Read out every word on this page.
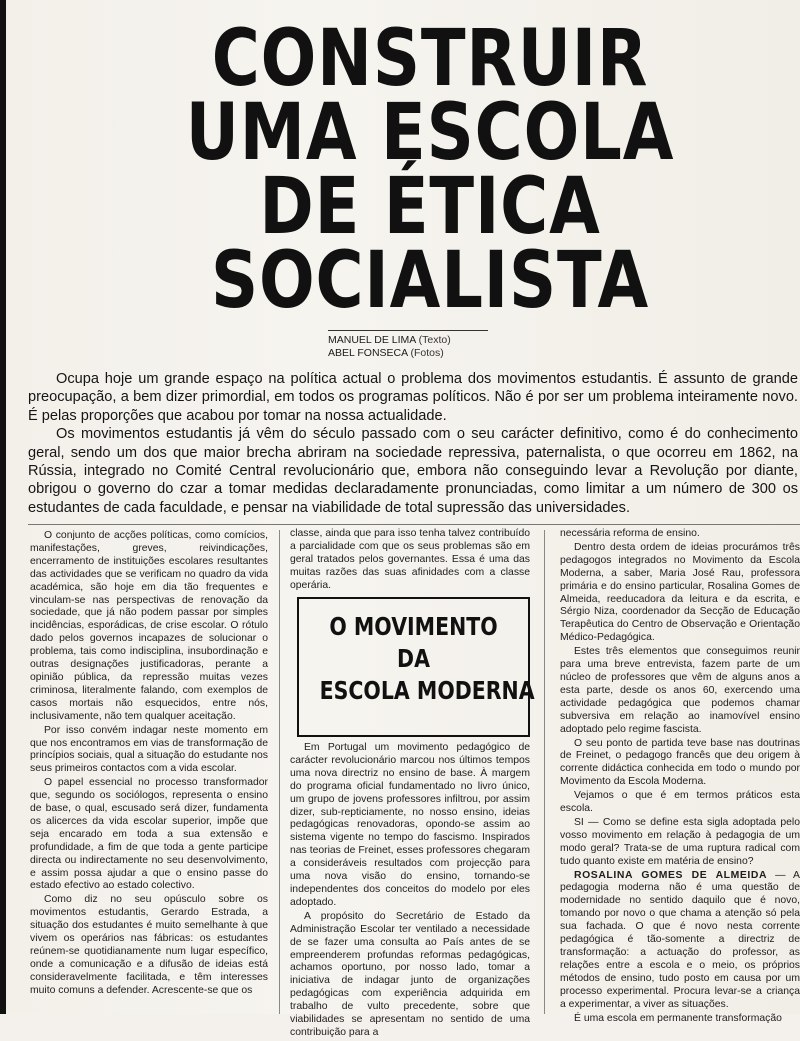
CONSTRUIR
UMA ESCOLA
DE ÉTICA
SOCIALISTA
MANUEL DE LIMA (Texto)
ABEL FONSECA (Fotos)

Ocupa hoje um grande espaço na política actual o problema dos movimentos estudantis. É assunto de grande preocupação, a bem dizer primordial, em todos os programas políticos. Não é por ser um problema inteiramente novo. É pelas proporções que acabou por tomar na nossa actualidade.

Os movimentos estudantis já vêm do século passado com o seu carácter definitivo, como é do conhecimento geral, sendo um dos que maior brecha abriram na sociedade repressiva, paternalista, o que ocorreu em 1862, na Rússia, integrado no Comité Central revolucionário que, embora não conseguindo levar a Revolução por diante, obrigou o governo do czar a tomar medidas declaradamente pronunciadas, como limitar a um número de 300 os estudantes de cada faculdade, e pensar na viabilidade de total supressão das universidades.

O conjunto de acções políticas, como comícios, manifestações, greves, reivindicações, encerramento de instituições escolares resultantes das actividades que se verificam no quadro da vida académica, são hoje em dia tão frequentes e vinculam-se nas perspectivas de renovação da sociedade, que já não podem passar por simples incidências, esporádicas, de crise escolar. O rótulo dado pelos governos incapazes de solucionar o problema, tais como indisciplina, insubordinação e outras designações justificadoras, perante a opinião pública, da repressão muitas vezes criminosa, literalmente falando, com exemplos de casos mortais não esquecidos, entre nós, inclusivamente, não tem qualquer aceitação.

Por isso convém indagar neste momento em que nos encontramos em vias de transformação de princípios sociais, qual a situação do estudante nos seus primeiros contactos com a vida escolar.

O papel essencial no processo transformador que, segundo os sociólogos, representa o ensino de base, o qual, escusado será dizer, fundamenta os alicerces da vida escolar superior, impõe que seja encarado em toda a sua extensão e profundidade, a fim de que toda a gente participe directa ou indirectamente no seu desenvolvimento, e assim possa ajudar a que o ensino passe do estado efectivo ao estado colectivo.

Como diz no seu opúsculo sobre os movimentos estudantis, Gerardo Estrada, a situação dos estudantes é muito semelhante à que vivem os operários nas fábricas: os estudantes reúnem-se quotidianamente num lugar específico, onde a comunicação e a difusão de ideias está consideravelmente facilitada, e têm interesses muito comuns a defender. Acrescente-se que os

classe, ainda que para isso tenha talvez contribuído a parcialidade com que os seus problemas são em geral tratados pelos governantes. Essa é uma das muitas razões das suas afinidades com a classe operária.

O MOVIMENTO
DA
ESCOLA MODERNA

Em Portugal um movimento pedagógico de carácter revolucionário marcou nos últimos tempos uma nova directriz no ensino de base. À margem do programa oficial fundamentado no livro único, um grupo de jovens professores infiltrou, por assim dizer, sub-repticiamente, no nosso ensino, ideias pedagógicas renovadoras, opondo-se assim ao sistema vigente no tempo do fascismo. Inspirados nas teorias de Freinet, esses professores chegaram a consideráveis resultados com projecção para uma nova visão do ensino, tornando-se independentes dos conceitos do modelo por eles adoptado.

A propósito do Secretário de Estado da Administração Escolar ter ventilado a necessidade de se fazer uma consulta ao País antes de se empreenderem profundas reformas pedagógicas, achamos oportuno, por nosso lado, tomar a iniciativa de indagar junto de organizações pedagógicas com experiência adquirida em trabalho de vulto precedente, sobre que viabilidades se apresentam no sentido de uma contribuição para a

necessária reforma de ensino.

Dentro desta ordem de ideias procurámos três pedagogos integrados no Movimento da Escola Moderna, a saber, Maria José Rau, professora primária e do ensino particular, Rosalina Gomes de Almeida, reeducadora da leitura e da escrita, e Sérgio Niza, coordenador da Secção de Educação Terapêutica do Centro de Observação e Orientação Médico-Pedagógica.

Estes três elementos que conseguimos reunir para uma breve entrevista, fazem parte de um núcleo de professores que vêm de alguns anos a esta parte, desde os anos 60, exercendo uma actividade pedagógica que podemos chamar subversiva em relação ao inamovível ensino adoptado pelo regime fascista.

O seu ponto de partida teve base nas doutrinas de Freinet, o pedagogo francês que deu origem à corrente didáctica conhecida em todo o mundo por Movimento da Escola Moderna.

Vejamos o que é em termos práticos esta escola.

SI — Como se define esta sigla adoptada pelo vosso movimento em relação à pedagogia de um modo geral? Trata-se de uma ruptura radical com tudo quanto existe em matéria de ensino?

ROSALINA GOMES DE ALMEIDA — A pedagogia moderna não é uma questão de modernidade no sentido daquilo que é novo, tomando por novo o que chama a atenção só pela sua fachada. O que é novo nesta corrente pedagógica é tão-somente a directriz de transformação: a actuação do professor, as relações entre a escola e o meio, os próprios métodos de ensino, tudo posto em causa por um processo experimental. Procura levar-se a criança a experimentar, a viver as situações.

É uma escola em permanente transformação
